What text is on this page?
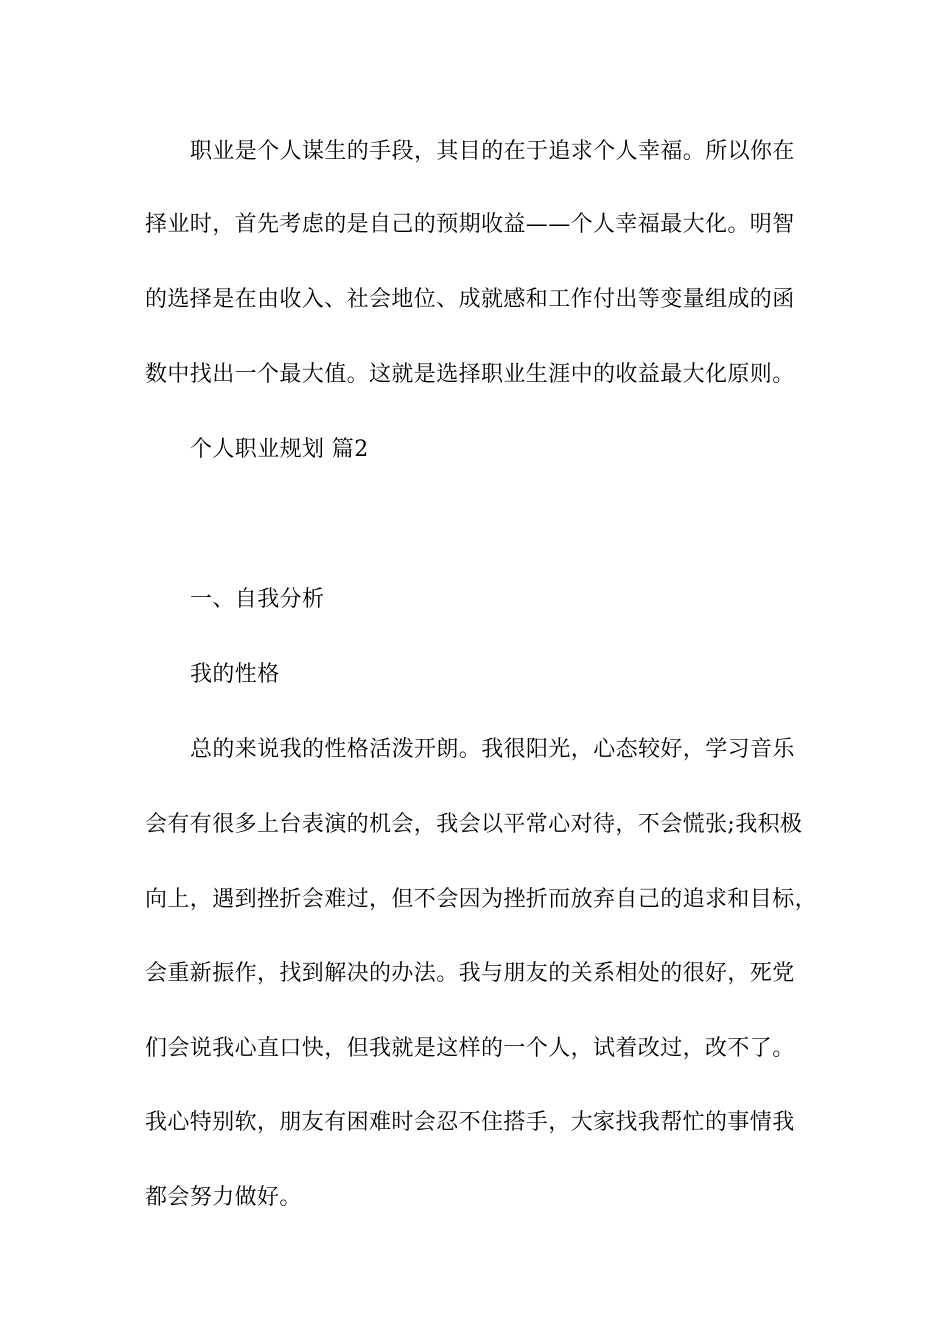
职业是个人谋生的手段，其目的在于追求个人幸福。所以你在
择业时，首先考虑的是自己的预期收益——个人幸福最大化。明智
的选择是在由收入、社会地位、成就感和工作付出等变量组成的函
数中找出一个最大值。这就是选择职业生涯中的收益最大化原则。
个人职业规划 篇2
一、自我分析
我的性格
总的来说我的性格活泼开朗。我很阳光，心态较好，学习音乐
会有有很多上台表演的机会，我会以平常心对待，不会慌张;我积极
向上，遇到挫折会难过，但不会因为挫折而放弃自己的追求和目标，
会重新振作，找到解决的办法。我与朋友的关系相处的很好，死党
们会说我心直口快，但我就是这样的一个人，试着改过，改不了。
我心特别软，朋友有困难时会忍不住搭手，大家找我帮忙的事情我
都会努力做好。
